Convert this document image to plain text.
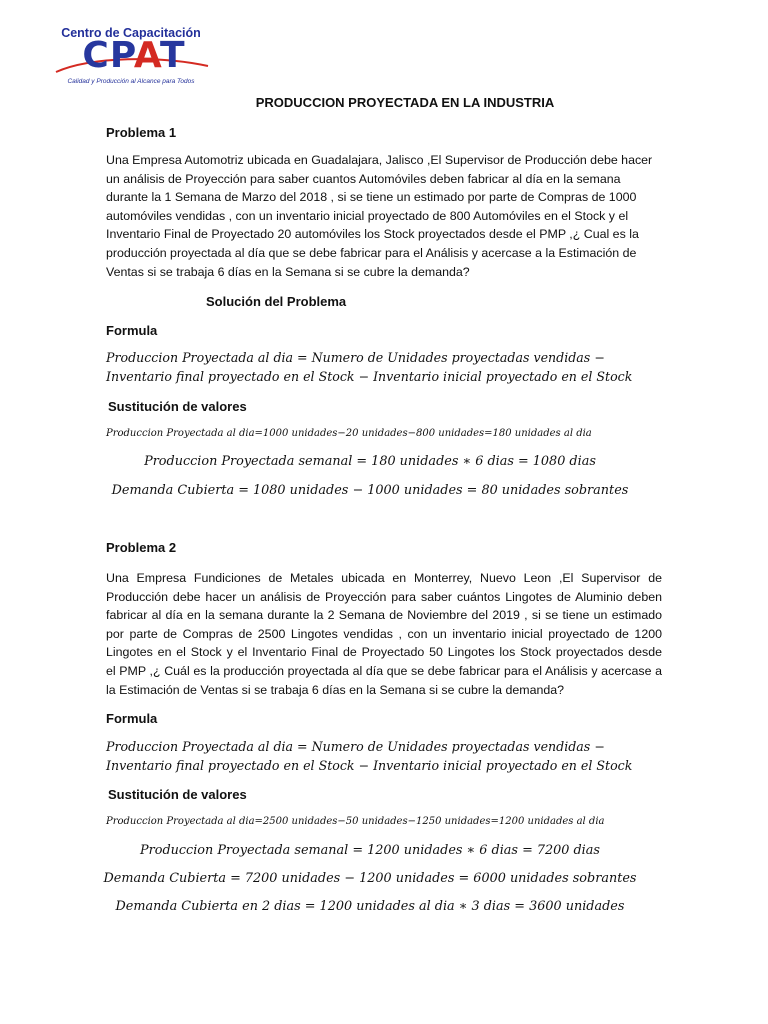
Centro de Capacitación
CPAT
Calidad y Producción al Alcance para Todos
PRODUCCION PROYECTADA EN LA INDUSTRIA
Problema 1
Una Empresa Automotriz ubicada en Guadalajara, Jalisco ,El Supervisor de Producción debe hacer
un análisis de Proyección para saber cuantos Automóviles deben fabricar al día en la semana
durante la 1 Semana de Marzo del 2018 , si se tiene un estimado por parte de Compras de 1000
automóviles vendidas , con un inventario inicial proyectado de 800 Automóviles en el Stock y el
Inventario Final de Proyectado 20 automóviles los Stock proyectados desde el PMP ,¿ Cual es la
producción proyectada al día que se debe fabricar para el Análisis y acercase a la Estimación de
Ventas si se trabaja 6 días en la Semana si se cubre la demanda?
Solución del Problema
Formula
Produccion Proyectada al dia = Numero de Unidades proyectadas vendidas −
Inventario final proyectado en el Stock − Inventario inicial proyectado en el Stock
Sustitución de valores
Produccion Proyectada al dia=1000 unidades−20 unidades−800 unidades=180 unidades al dia
Produccion Proyectada semanal = 180 unidades ∗ 6 dias = 1080 dias
Demanda Cubierta = 1080 unidades − 1000 unidades = 80 unidades sobrantes
Problema 2
Una Empresa Fundiciones de Metales ubicada en Monterrey, Nuevo Leon ,El Supervisor de
Producción debe hacer un análisis de Proyección para saber cuántos Lingotes de Aluminio deben
fabricar al día en la semana durante la 2 Semana de Noviembre del 2019 , si se tiene un estimado
por parte de Compras de 2500 Lingotes vendidas , con un inventario inicial proyectado de 1200
Lingotes en el Stock y el Inventario Final de Proyectado 50 Lingotes los Stock proyectados desde
el PMP ,¿ Cuál es la producción proyectada al día que se debe fabricar para el Análisis y acercase a
la Estimación de Ventas si se trabaja 6 días en la Semana si se cubre la demanda?
Formula
Produccion Proyectada al dia = Numero de Unidades proyectadas vendidas −
Inventario final proyectado en el Stock − Inventario inicial proyectado en el Stock
Sustitución de valores
Produccion Proyectada al dia=2500 unidades−50 unidades−1250 unidades=1200 unidades al dia
Produccion Proyectada semanal = 1200 unidades ∗ 6 dias = 7200 dias
Demanda Cubierta = 7200 unidades − 1200 unidades = 6000 unidades sobrantes
Demanda Cubierta en 2 dias = 1200 unidades al dia ∗ 3 dias = 3600 unidades
